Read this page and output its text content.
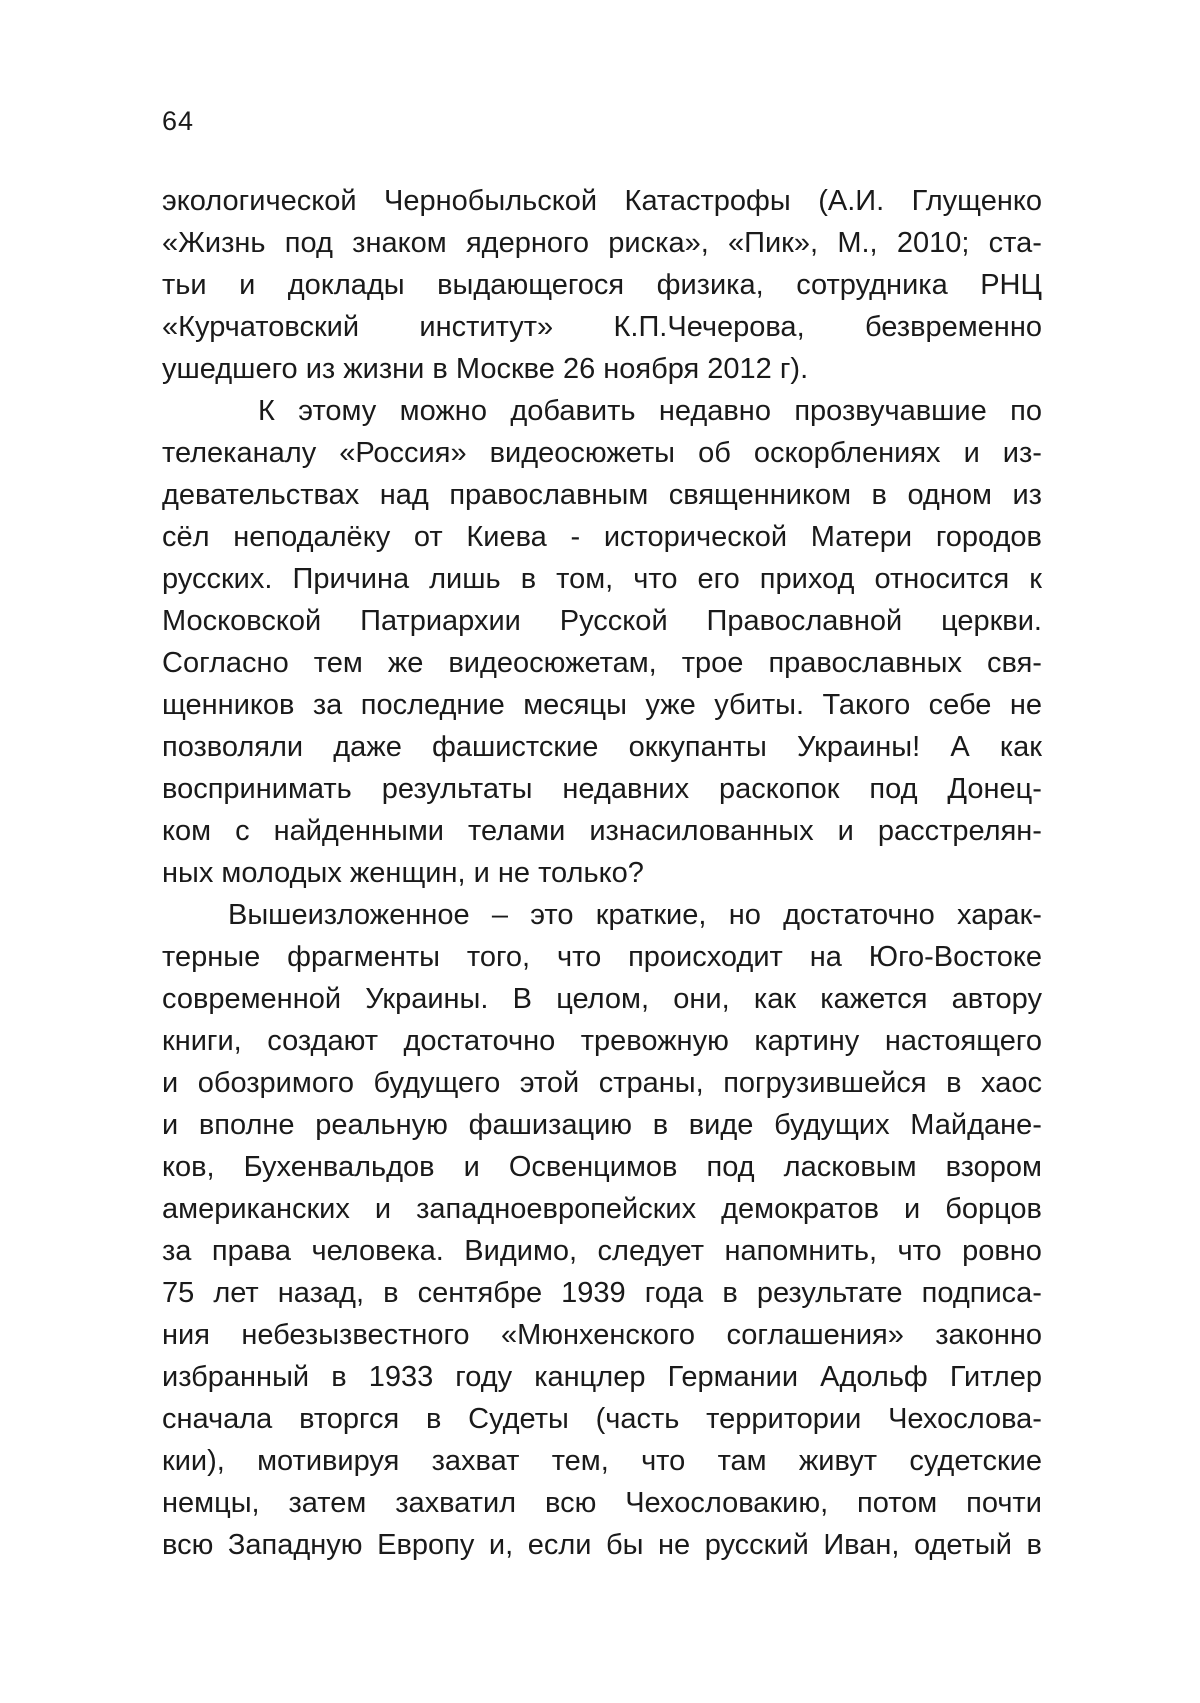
64
экологической Чернобыльской Катастрофы (А.И. Глущенко
«Жизнь под знаком ядерного риска», «Пик», М., 2010; ста-
тьи и доклады выдающегося физика, сотрудника РНЦ
«Курчатовский институт» К.П.Чечерова, безвременно
ушедшего из жизни в Москве 26 ноября 2012 г).
К этому можно добавить недавно прозвучавшие по
телеканалу «Россия» видеосюжеты об оскорблениях и из-
девательствах над православным священником в одном из
сёл неподалёку от Киева - исторической Матери городов
русских. Причина лишь в том, что его приход относится к
Московской Патриархии Русской Православной церкви.
Согласно тем же видеосюжетам, трое православных свя-
щенников за последние месяцы уже убиты. Такого себе не
позволяли даже фашистские оккупанты Украины! А как
воспринимать результаты недавних раскопок под Донец-
ком с найденными телами изнасилованных и расстрелян-
ных молодых женщин, и не только?
Вышеизложенное – это краткие, но достаточно харак-
терные фрагменты того, что происходит на Юго-Востоке
современной Украины. В целом, они, как кажется автору
книги, создают достаточно тревожную картину настоящего
и обозримого будущего этой страны, погрузившейся в хаос
и вполне реальную фашизацию в виде будущих Майдане-
ков, Бухенвальдов и Освенцимов под ласковым взором
американских и западноевропейских демократов и борцов
за права человека. Видимо, следует напомнить, что ровно
75 лет назад, в сентябре 1939 года в результате подписа-
ния небезызвестного «Мюнхенского соглашения» законно
избранный в 1933 году канцлер Германии Адольф Гитлер
сначала вторгся в Судеты (часть территории Чехослова-
кии), мотивируя захват тем, что там живут судетские
немцы, затем захватил всю Чехословакию, потом почти
всю Западную Европу и, если бы не русский Иван, одетый в
